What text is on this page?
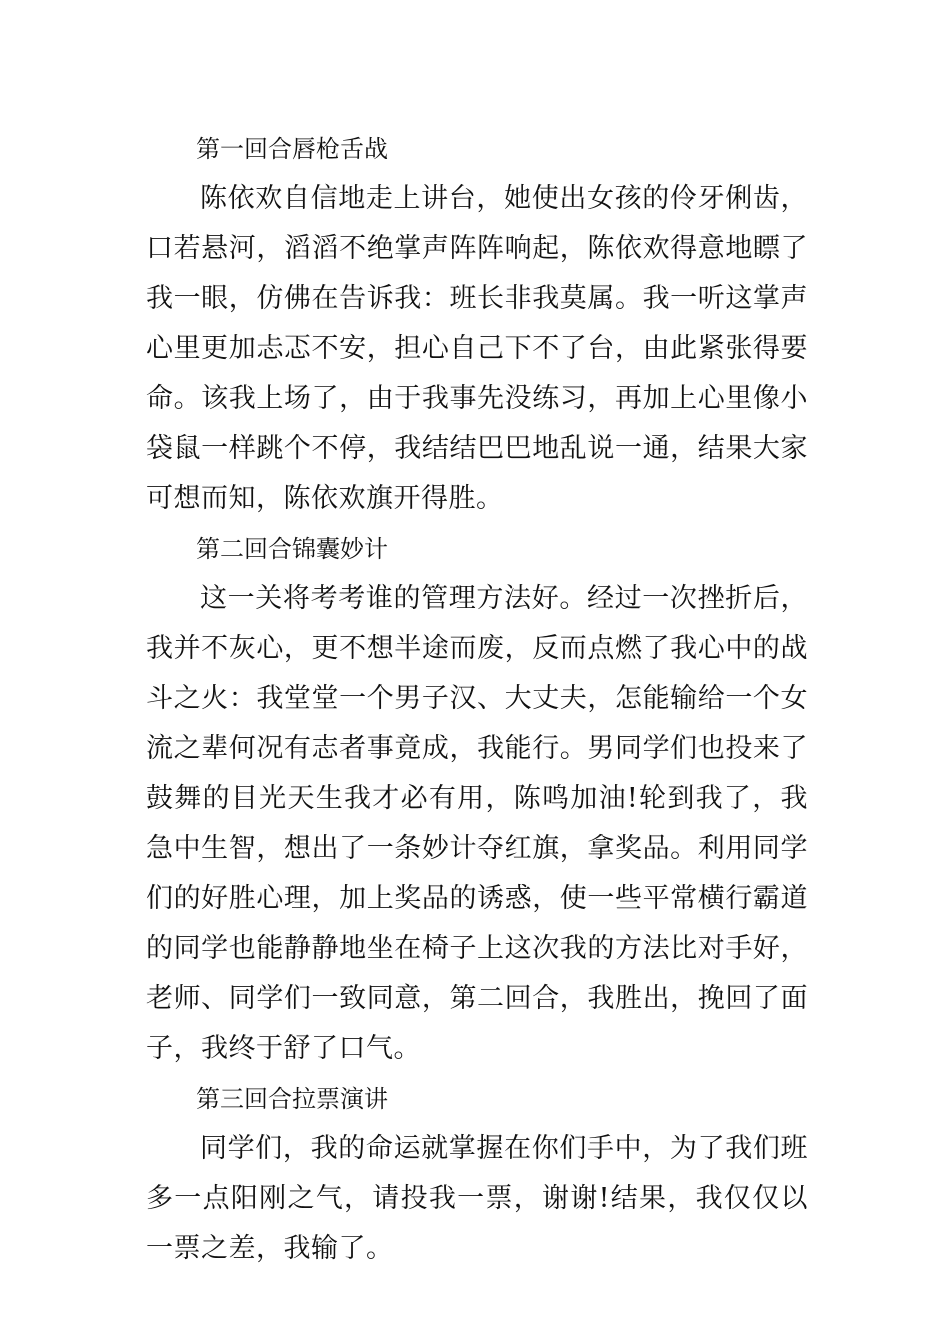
第一回合唇枪舌战

陈依欢自信地走上讲台，她使出女孩的伶牙俐齿，口若悬河，滔滔不绝掌声阵阵响起，陈依欢得意地瞟了我一眼，仿佛在告诉我：班长非我莫属。我一听这掌声心里更加忐忑不安，担心自己下不了台，由此紧张得要命。该我上场了，由于我事先没练习，再加上心里像小袋鼠一样跳个不停，我结结巴巴地乱说一通，结果大家可想而知，陈依欢旗开得胜。

第二回合锦囊妙计

这一关将考考谁的管理方法好。经过一次挫折后，我并不灰心，更不想半途而废，反而点燃了我心中的战斗之火：我堂堂一个男子汉、大丈夫，怎能输给一个女流之辈何况有志者事竟成，我能行。男同学们也投来了鼓舞的目光天生我才必有用，陈鸣加油!轮到我了，我急中生智，想出了一条妙计夺红旗，拿奖品。利用同学们的好胜心理，加上奖品的诱惑，使一些平常横行霸道的同学也能静静地坐在椅子上这次我的方法比对手好，老师、同学们一致同意，第二回合，我胜出，挽回了面子，我终于舒了口气。

第三回合拉票演讲

同学们，我的命运就掌握在你们手中，为了我们班多一点阳刚之气，请投我一票，谢谢!结果，我仅仅以一票之差，我输了。
